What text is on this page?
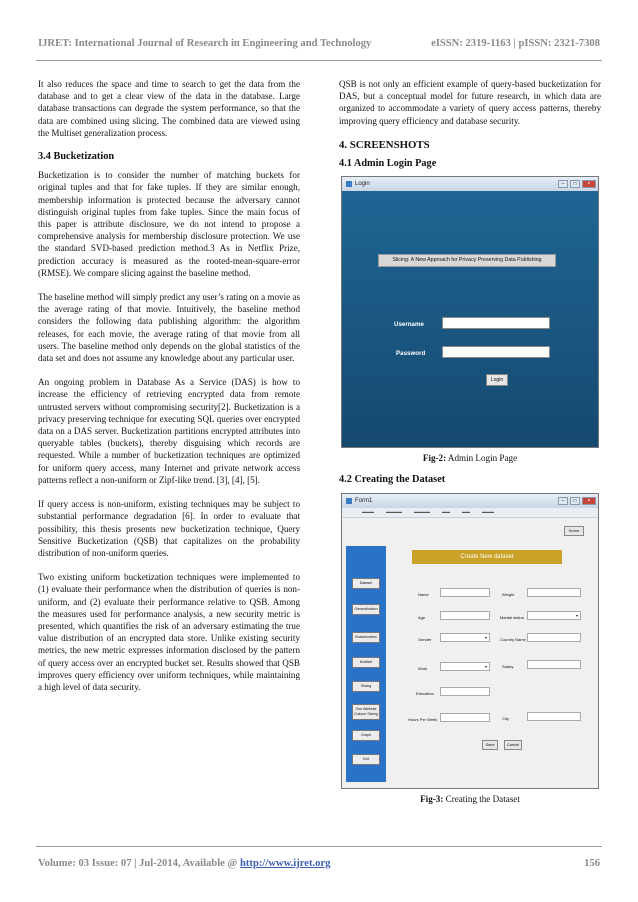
IJRET: International Journal of Research in Engineering and Technology	eISSN: 2319-1163 | pISSN: 2321-7308

It also reduces the space and time to search to get the data from the database and to get a clear view of the data in the database. Large database transactions can degrade the system performance, so that the data are combined using slicing. The combined data are viewed using the Multiset generalization process.

3.4 Bucketization

Bucketization is to consider the number of matching buckets for original tuples and that for fake tuples. If they are similar enough, membership information is protected because the adversary cannot distinguish original tuples from fake tuples. Since the main focus of this paper is attribute disclosure, we do not intend to propose a comprehensive analysis for membership disclosure protection. We use the standard SVD-based prediction method.3 As in Netflix Prize, prediction accuracy is measured as the rooted-mean-square-error (RMSE). We compare slicing against the baseline method.

The baseline method will simply predict any user’s rating on a movie as the average rating of that movie. Intuitively, the baseline method considers the following data publishing algorithm: the algorithm releases, for each movie, the average rating of that movie from all users. The baseline method only depends on the global statistics of the data set and does not assume any knowledge about any particular user.

An ongoing problem in Database As a Service (DAS) is how to increase the efficiency of retrieving encrypted data from remote untrusted servers without compromising security[2]. Bucketization is a privacy preserving technique for executing SQL queries over encrypted data on a DAS server. Bucketization partitions encrypted attributes into queryable tables (buckets), thereby disguising which records are requested. While a number of bucketization techniques are optimized for uniform query access, many Internet and private network access patterns reflect a non-uniform or Zipf-like trend. [3], [4], [5].

If query access is non-uniform, existing techniques may be subject to substantial performance degradation [6]. In order to evaluate that possibility, this thesis presents new bucketization technique, Query Sensitive Bucketization (QSB) that capitalizes on the probability distribution of non-uniform queries.

Two existing uniform bucketization techniques were implemented to (1) evaluate their performance when the distribution of queries is non-uniform, and (2) evaluate their performance relative to QSB. Among the measures used for performance analysis, a new security metric is presented, which quantifies the risk of an adversary estimating the true value distribution of an encrypted data store. Unlike existing security metrics, the new metric expresses information disclosed by the pattern of query access over an encrypted bucket set. Results showed that QSB improves query efficiency over uniform techniques, while maintaining a high level of data security.

QSB is not only an efficient example of query-based bucketization for DAS, but a conceptual model for future research, in which data are organized to accommodate a variety of query access patterns, thereby improving query efficiency and database security.

4. SCREENSHOTS
4.1 Admin Login Page
Login	–	□	×
Slicing: A New Approach for Privacy Preserving Data Publishing
Username
Password
Login
Fig-2: Admin Login Page
4.2 Creating the Dataset
Form1	–	□	×
▬▬▬	▬▬▬▬	▬▬▬▬	▬▬	▬▬	▬▬▬
Home
Dataset
Generalization
Bucketization
Multiset
Slicing
One Attribute Column Slicing
Graph
Exit
Create New dataset
Name
Age
Gender	▾
Work	▾
Education
Hours Per Week
Weight
Marital status	▾
Country Name
Salary
City
Save	Cancel
Fig-3: Creating the Dataset
Volume: 03 Issue: 07 | Jul-2014, Available @ http://www.ijret.org	156
